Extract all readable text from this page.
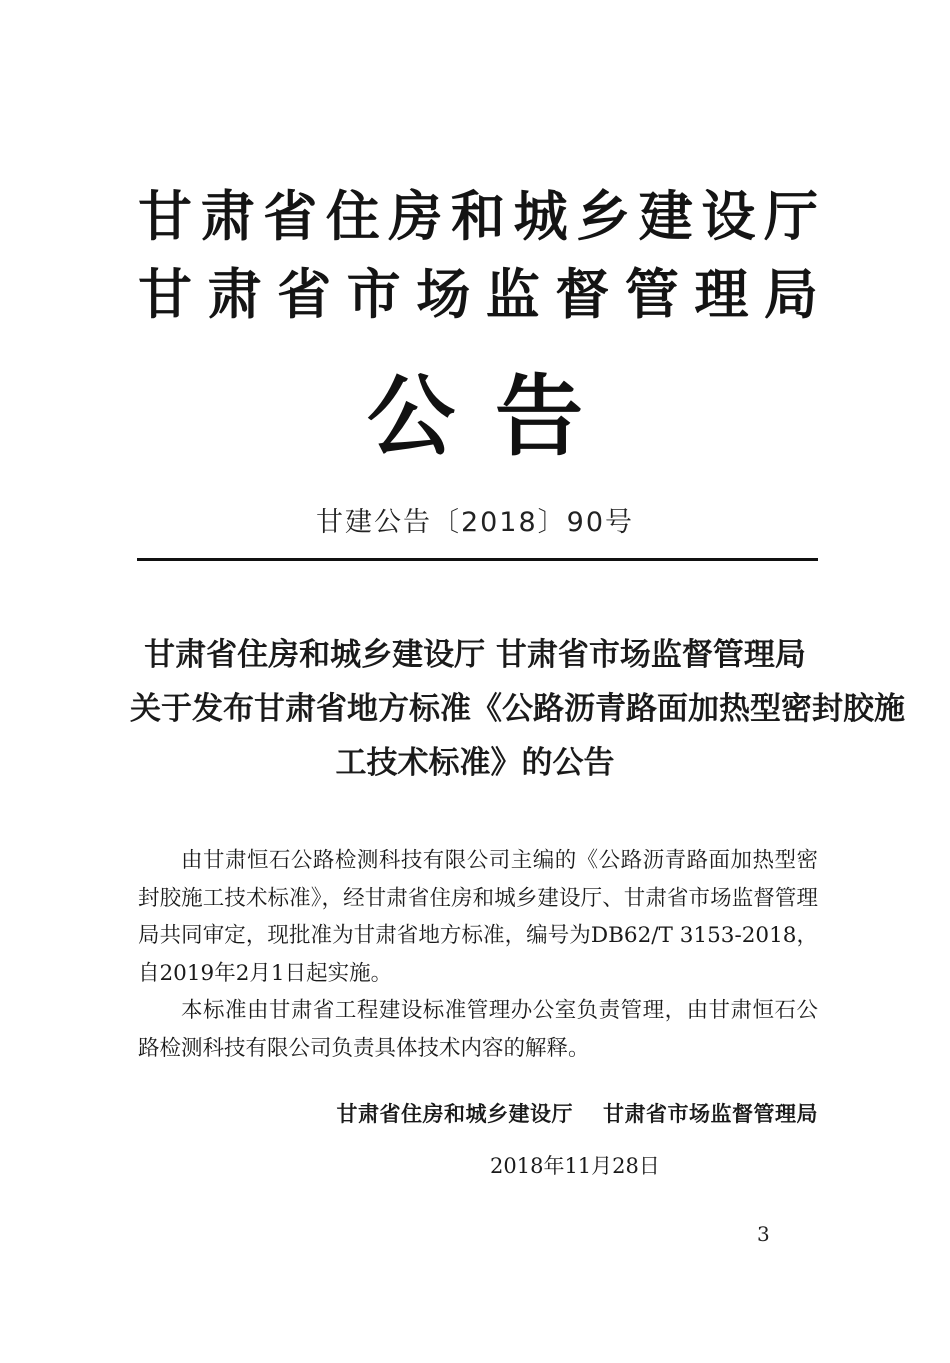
甘 肃 省 住 房 和 城 乡 建 设 厅
甘 肃 省 市 场 监 督 管 理 局
公告
甘建公告〔2018〕90号
甘肃省住房和城乡建设厅 甘肃省市场监督管理局
关于发布甘肃省地方标准《公路沥青路面加热型密封胶施
工技术标准》的公告

由甘肃恒石公路检测科技有限公司主编的《公路沥青路面加热型密封胶施工技术标准》，经甘肃省住房和城乡建设厅、甘肃省市场监督管理局共同审定，现批准为甘肃省地方标准，编号为DB62/T 3153-2018，自2019年2月1日起实施。

本标准由甘肃省工程建设标准管理办公室负责管理，由甘肃恒石公路检测科技有限公司负责具体技术内容的解释。

甘肃省住房和城乡建设厅 甘肃省市场监督管理局
2018年11月28日
3
